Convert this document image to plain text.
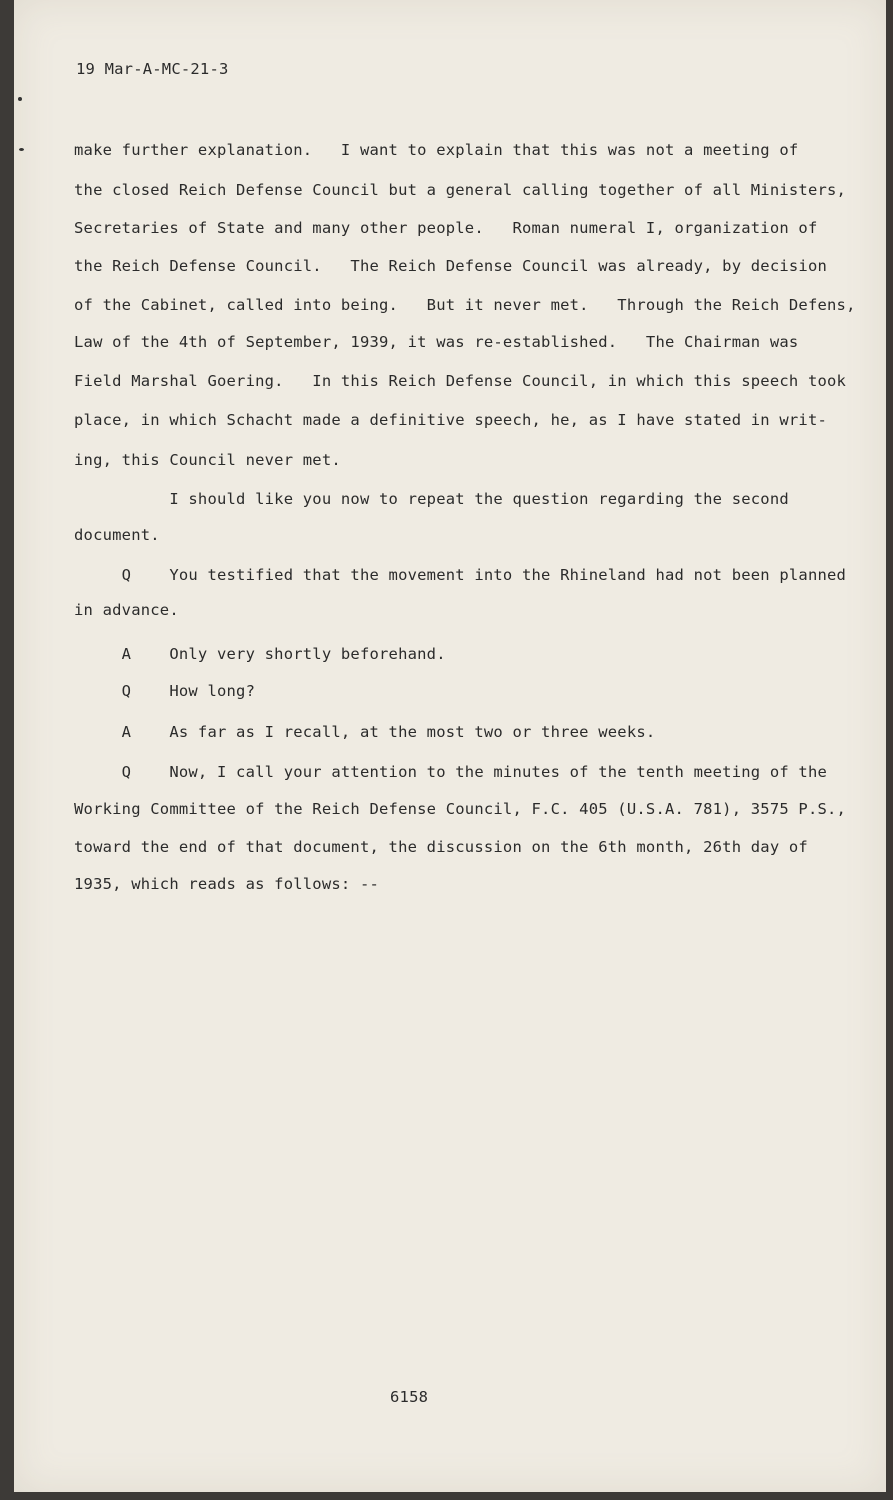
19 Mar-A-MC-21-3

make further explanation.   I want to explain that this was not a meeting of

the closed Reich Defense Council but a general calling together of all Ministers,

Secretaries of State and many other people.   Roman numeral I, organization of

the Reich Defense Council.   The Reich Defense Council was already, by decision

of the Cabinet, called into being.   But it never met.   Through the Reich Defens,

Law of the 4th of September, 1939, it was re-established.   The Chairman was

Field Marshal Goering.   In this Reich Defense Council, in which this speech took

place, in which Schacht made a definitive speech, he, as I have stated in writ-

ing, this Council never met.

I should like you now to repeat the question regarding the second

document.

Q    You testified that the movement into the Rhineland had not been planned

in advance.

A    Only very shortly beforehand.

Q    How long?

A    As far as I recall, at the most two or three weeks.

Q    Now, I call your attention to the minutes of the tenth meeting of the

Working Committee of the Reich Defense Council, F.C. 405 (U.S.A. 781), 3575 P.S.,

toward the end of that document, the discussion on the 6th month, 26th day of

1935, which reads as follows: --

6158
